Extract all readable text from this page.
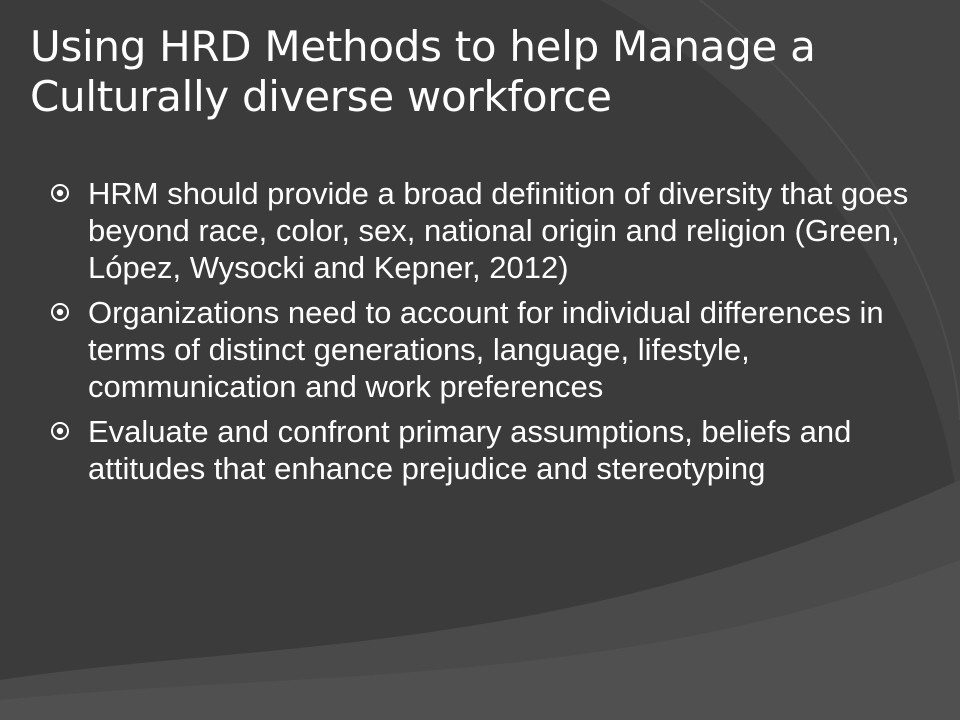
Using HRD Methods to help Manage a Culturally diverse workforce
HRM should provide a broad definition of diversity that goes beyond race, color, sex, national origin and religion (Green, López, Wysocki and Kepner, 2012)
Organizations need to account for individual differences in terms of distinct generations, language, lifestyle, communication and work preferences
Evaluate and confront primary assumptions, beliefs and attitudes that enhance prejudice and stereotyping
